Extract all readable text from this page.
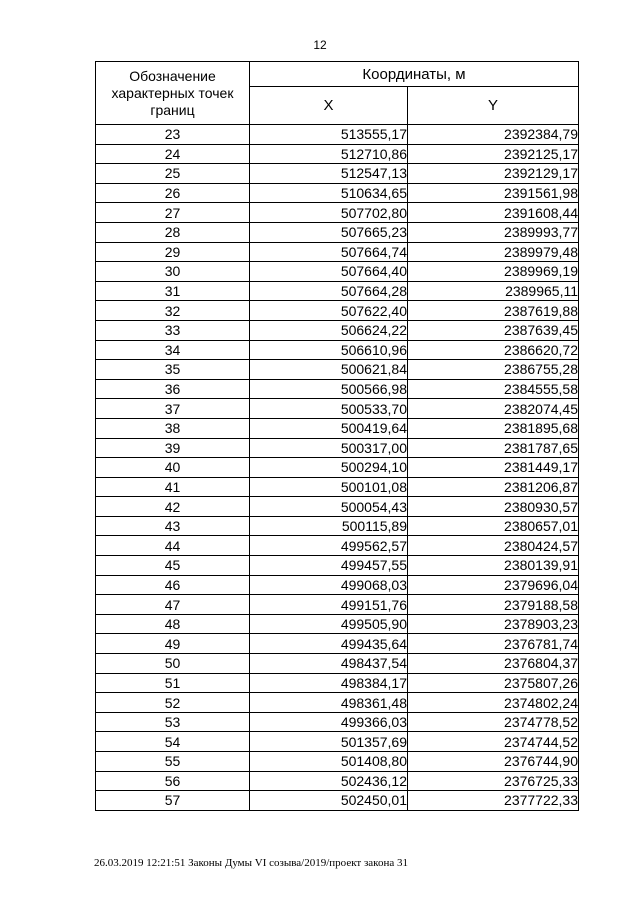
12
Обозначение характерных точек границ	Координаты, м	
	X	Y
23	513555,17	2392384,79
24	512710,86	2392125,17
25	512547,13	2392129,17
26	510634,65	2391561,98
27	507702,80	2391608,44
28	507665,23	2389993,77
29	507664,74	2389979,48
30	507664,40	2389969,19
31	507664,28	2389965,11
32	507622,40	2387619,88
33	506624,22	2387639,45
34	506610,96	2386620,72
35	500621,84	2386755,28
36	500566,98	2384555,58
37	500533,70	2382074,45
38	500419,64	2381895,68
39	500317,00	2381787,65
40	500294,10	2381449,17
41	500101,08	2381206,87
42	500054,43	2380930,57
43	500115,89	2380657,01
44	499562,57	2380424,57
45	499457,55	2380139,91
46	499068,03	2379696,04
47	499151,76	2379188,58
48	499505,90	2378903,23
49	499435,64	2376781,74
50	498437,54	2376804,37
51	498384,17	2375807,26
52	498361,48	2374802,24
53	499366,03	2374778,52
54	501357,69	2374744,52
55	501408,80	2376744,90
56	502436,12	2376725,33
57	502450,01	2377722,33
26.03.2019 12:21:51 Законы Думы VI созыва/2019/проект закона 31
